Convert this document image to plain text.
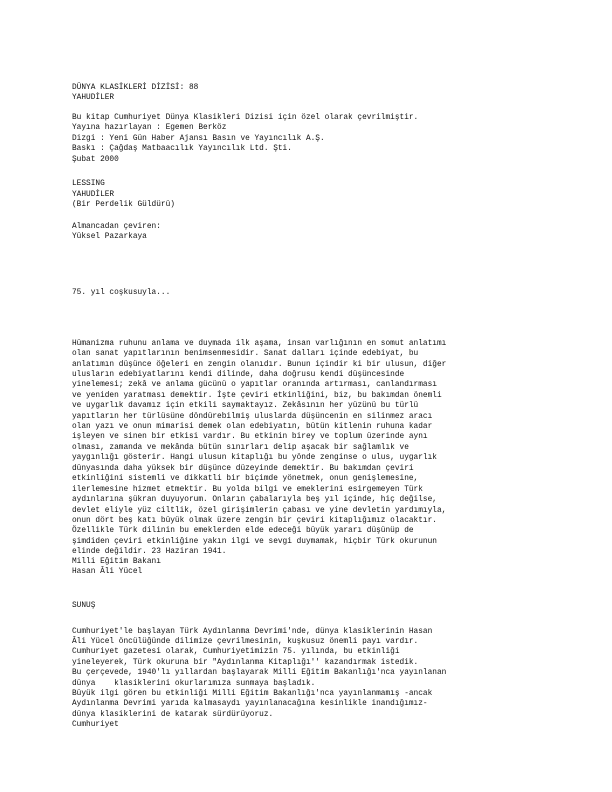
DÜNYA KLASİKLERİ DİZİSİ: 88
YAHUDİLER
Bu kitap Cumhuriyet Dünya Klasikleri Dizisi için özel olarak çevrilmiştir.
Yayına hazırlayan : Egemen Berköz
Dizgi : Yeni Gün Haber Ajansı Basın ve Yayıncılık A.Ş.
Baskı : Çağdaş Matbaacılık Yayıncılık Ltd. Şti.
Şubat 2000
LESSING
YAHUDİLER
(Bir Perdelik Güldürü)
Almancadan çeviren:
Yüksel Pazarkaya
75. yıl coşkusuyla...
Hümanizma ruhunu anlama ve duymada ilk aşama, insan varlığının en somut anlatımı
olan sanat yapıtlarının benimsenmesidir. Sanat dalları içinde edebiyat, bu
anlatımın düşünce öğeleri en zengin olanıdır. Bunun içindir ki bir ulusun, diğer
ulusların edebiyatlarını kendi dilinde, daha doğrusu kendi düşüncesinde
yinelemesi; zekâ ve anlama gücünü o yapıtlar oranında artırması, canlandırması
ve yeniden yaratması demektir. İşte çeviri etkinliğini, biz, bu bakımdan önemli
ve uygarlık davamız için etkili saymaktayız. Zekâsının her yüzünü bu türlü
yapıtların her türlüsüne döndürebilmiş uluslarda düşüncenin en silinmez aracı
olan yazı ve onun mimarisi demek olan edebiyatın, bütün kitlenin ruhuna kadar
işleyen ve sinen bir etkisi vardır. Bu etkinin birey ve toplum üzerinde aynı
olması, zamanda ve mekânda bütün sınırları delip aşacak bir sağlamlık ve
yaygınlığı gösterir. Hangi ulusun kitaplığı bu yönde zenginse o ulus, uygarlık
dünyasında daha yüksek bir düşünce düzeyinde demektir. Bu bakımdan çeviri
etkinliğini sistemli ve dikkatli bir biçimde yönetmek, onun genişlemesine,
ilerlemesine hizmet etmektir. Bu yolda bilgi ve emeklerini esirgemeyen Türk
aydınlarına şükran duyuyorum. Onların çabalarıyla beş yıl içinde, hiç değilse,
devlet eliyle yüz ciltlik, özel girişimlerin çabası ve yine devletin yardımıyla,
onun dört beş katı büyük olmak üzere zengin bir çeviri kitaplığımız olacaktır.
Özellikle Türk dilinin bu emeklerden elde edeceği büyük yararı düşünüp de
şimdiden çeviri etkinliğine yakın ilgi ve sevgi duymamak, hiçbir Türk okurunun
elinde değildir. 23 Haziran 1941.
Milli Eğitim Bakanı
Hasan Âli Yücel
SUNUŞ
Cumhuriyet'le başlayan Türk Aydınlanma Devrimi'nde, dünya klasiklerinin Hasan
Âli Yücel öncülüğünde dilimize çevrilmesinin, kuşkusuz önemli payı vardır.
Cumhuriyet gazetesi olarak, Cumhuriyetimizin 75. yılında, bu etkinliği
yineleyerek, Türk okuruna bir "Aydınlanma Kitaplığı'' kazandırmak istedik.
Bu çerçevede, 1940'lı yıllardan başlayarak Milli Eğitim Bakanlığı'nca yayınlanan
dünya    klasiklerini okurlarımıza sunmaya başladık.
Büyük ilgi gören bu etkinliği Milli Eğitim Bakanlığı'nca yayınlanmamış -ancak
Aydınlanma Devrimi yarıda kalmasaydı yayınlanacağına kesinlikle inandığımız-
dünya klasiklerini de katarak sürdürüyoruz.
Cumhuriyet
